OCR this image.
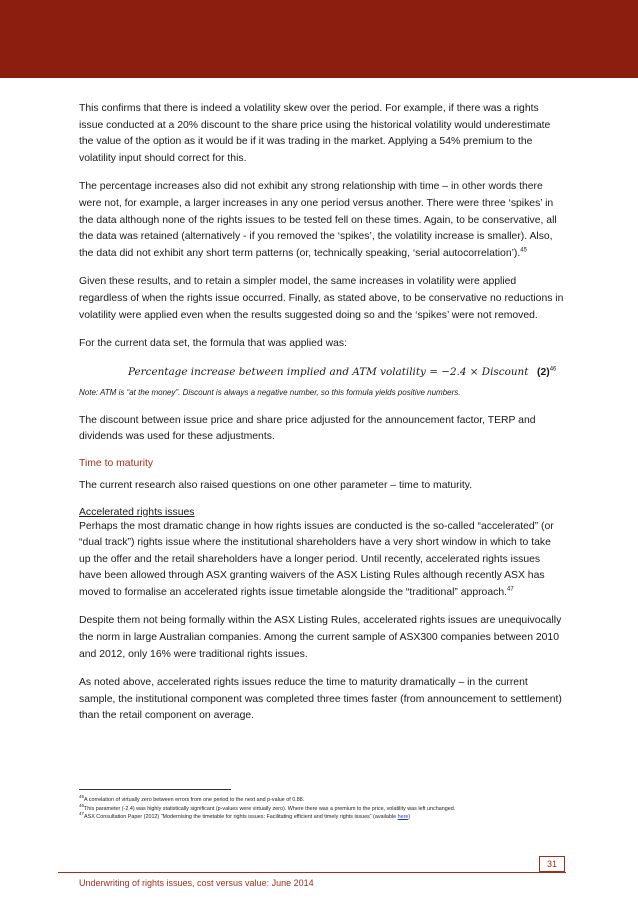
This confirms that there is indeed a volatility skew over the period. For example, if there was a rights issue conducted at a 20% discount to the share price using the historical volatility would underestimate the value of the option as it would be if it was trading in the market. Applying a 54% premium to the volatility input should correct for this.

The percentage increases also did not exhibit any strong relationship with time – in other words there were not, for example, a larger increases in any one period versus another. There were three ‘spikes’ in the data although none of the rights issues to be tested fell on these times. Again, to be conservative, all the data was retained (alternatively - if you removed the ‘spikes’, the volatility increase is smaller). Also, the data did not exhibit any short term patterns (or, technically speaking, ‘serial autocorrelation’).$^{45}$

Given these results, and to retain a simpler model, the same increases in volatility were applied regardless of when the rights issue occurred. Finally, as stated above, to be conservative no reductions in volatility were applied even when the results suggested doing so and the ‘spikes’ were not removed.

For the current data set, the formula that was applied was:

Percentage increase between implied and ATM volatility = −2.4 × Discount $(2)^{46}$

Note: ATM is “at the money”. Discount is always a negative number, so this formula yields positive numbers.

The discount between issue price and share price adjusted for the announcement factor, TERP and dividends was used for these adjustments.

Time to maturity

The current research also raised questions on one other parameter – time to maturity.

Accelerated rights issues

Perhaps the most dramatic change in how rights issues are conducted is the so-called “accelerated” (or “dual track”) rights issue where the institutional shareholders have a very short window in which to take up the offer and the retail shareholders have a longer period. Until recently, accelerated rights issues have been allowed through ASX granting waivers of the ASX Listing Rules although recently ASX has moved to formalise an accelerated rights issue timetable alongside the “traditional” approach.$^{47}$

Despite them not being formally within the ASX Listing Rules, accelerated rights issues are unequivocally the norm in large Australian companies. Among the current sample of ASX300 companies between 2010 and 2012, only 16% were traditional rights issues.

As noted above, accelerated rights issues reduce the time to maturity dramatically – in the current sample, the institutional component was completed three times faster (from announcement to settlement) than the retail component on average.

$^{45}$A correlation of virtually zero between errors from one period to the next and p-value of 0.88.
$^{46}$This parameter (-2.4) was highly statistically significant (p-values were virtually zero). Where there was a premium to the price, volatility was left unchanged.
$^{47}$ASX Consultation Paper (2012) “Modernising the timetable for rights issues: Facilitating efficient and timely rights issues” (available here)
31
Underwriting of rights issues, cost versus value: June 2014
